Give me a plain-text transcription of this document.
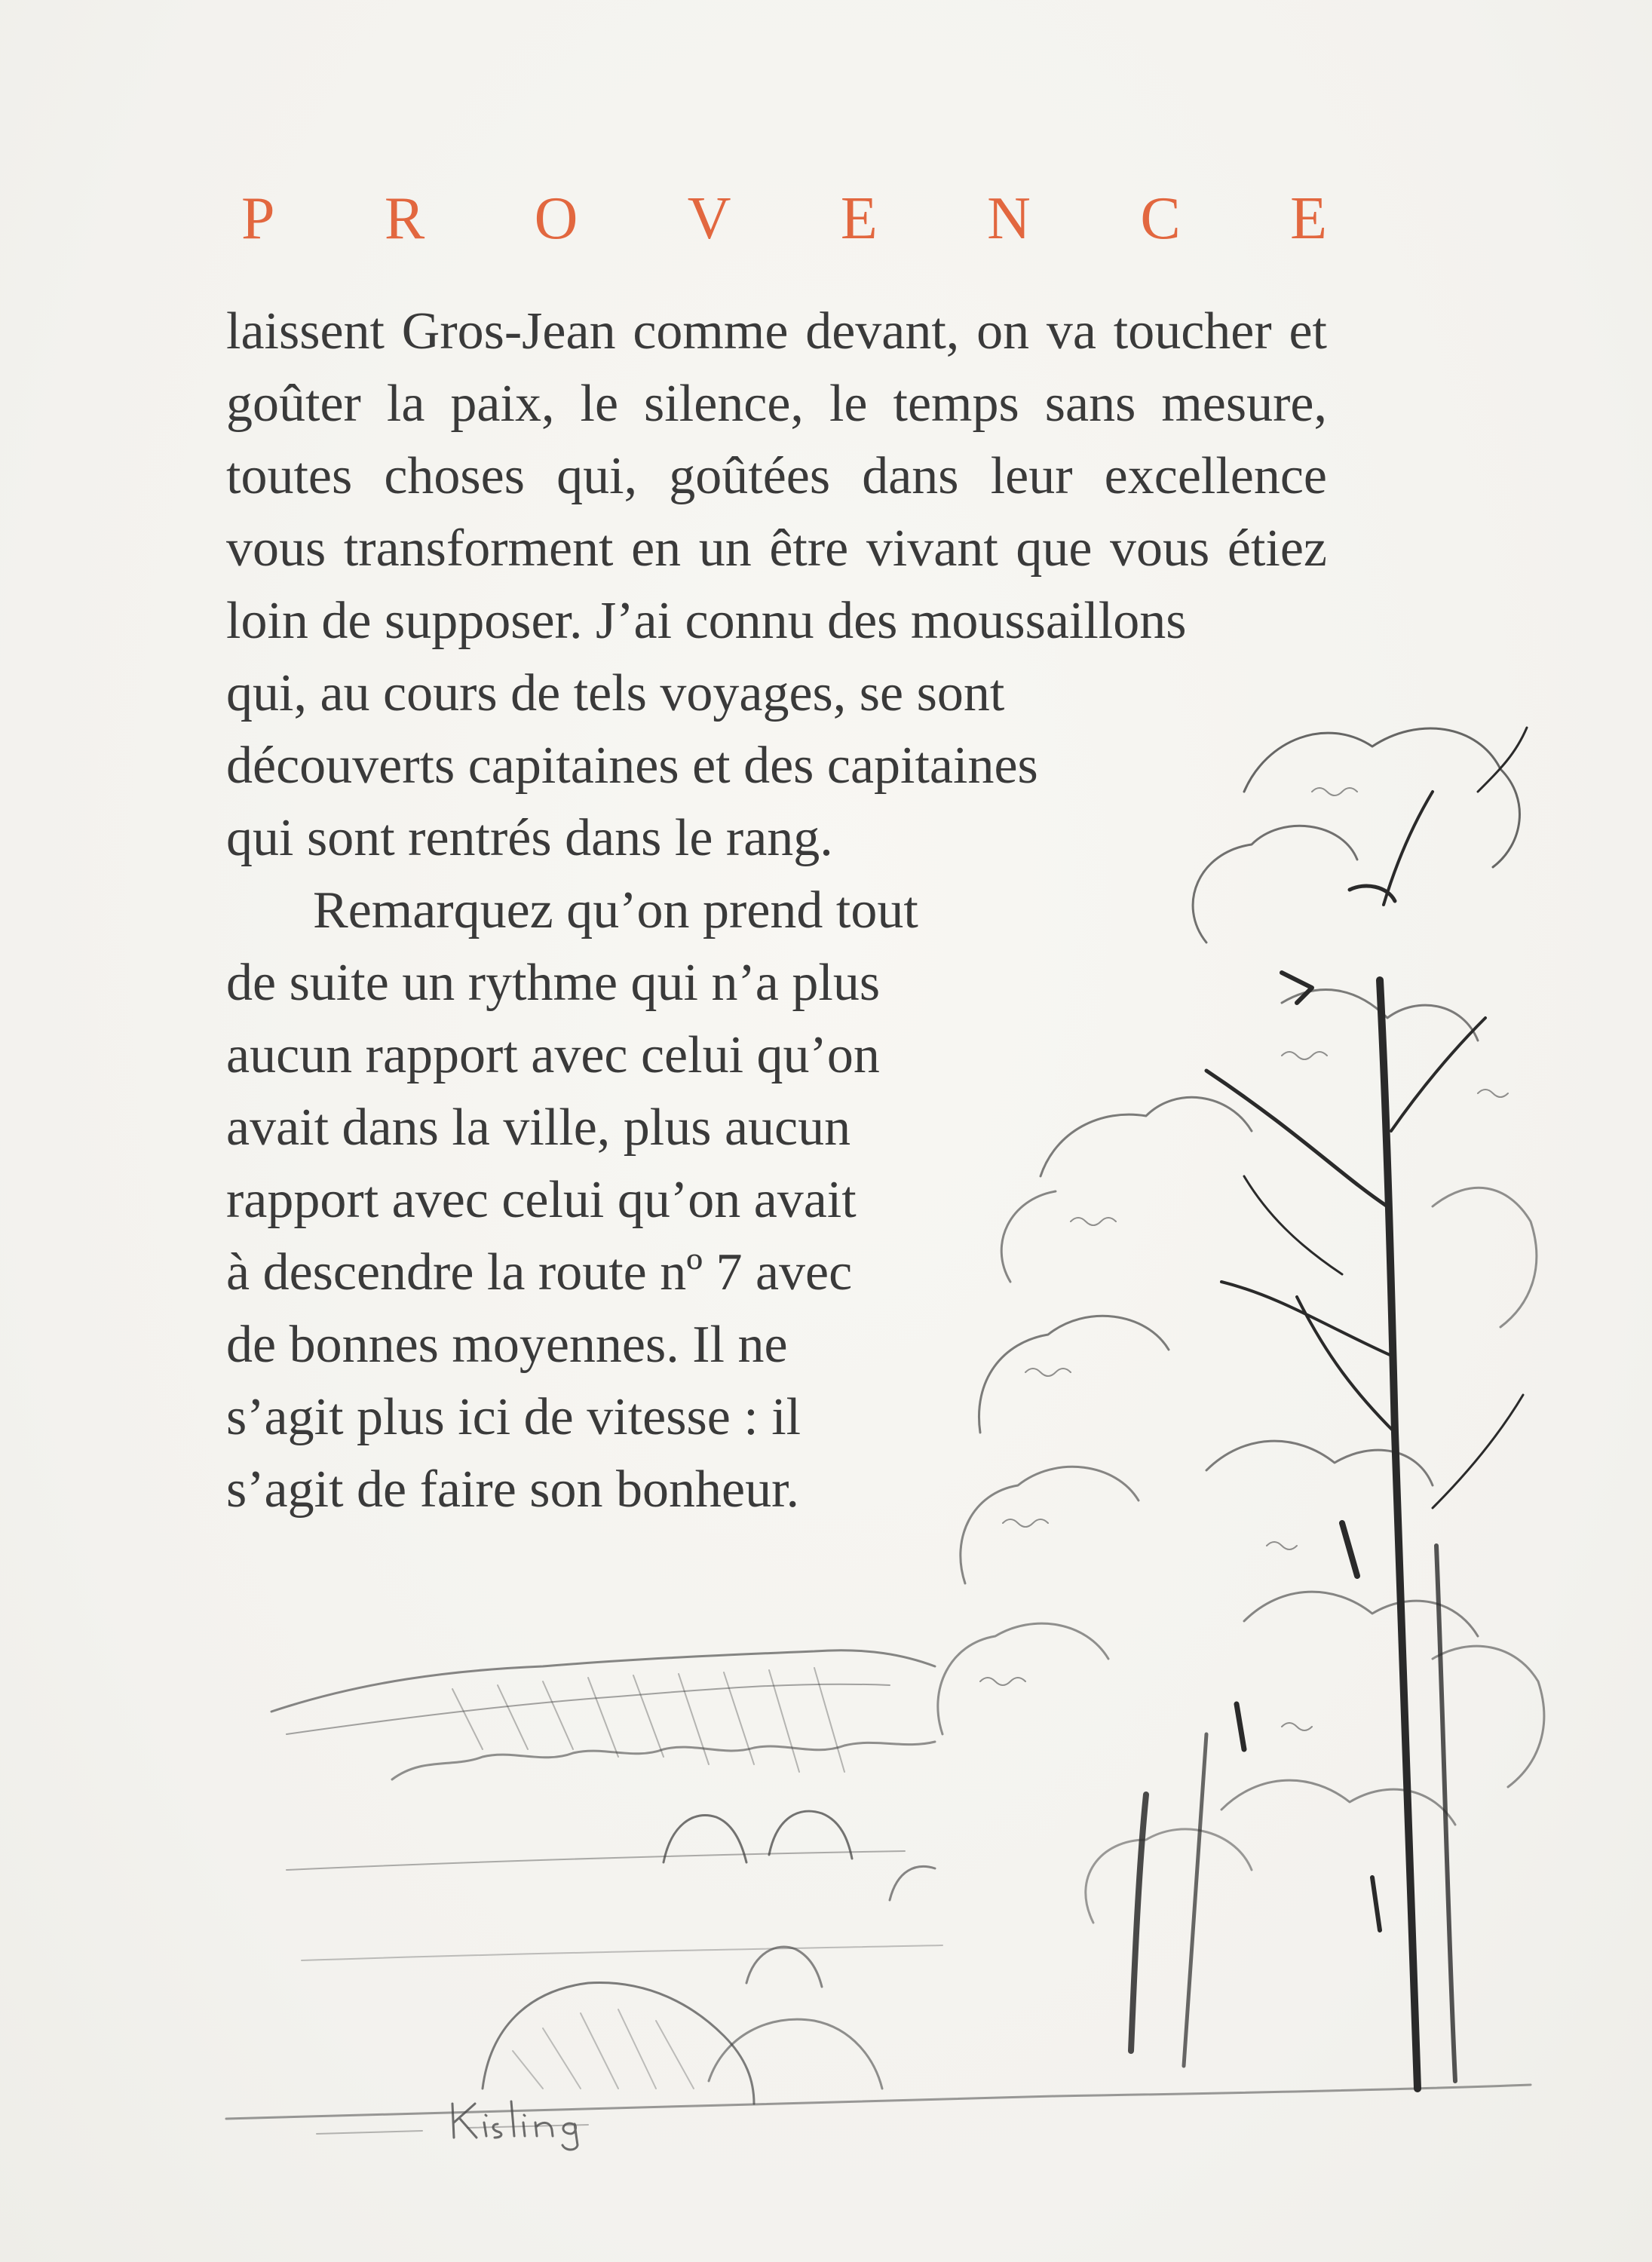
P R O V E N C E
laissent Gros-Jean comme devant, on va toucher et
goûter la paix, le silence, le temps sans mesure,
toutes choses qui, goûtées dans leur excellence
vous transforment en un être vivant que vous étiez
loin de supposer. J’ai connu des moussaillons
qui, au cours de tels voyages, se sont
découverts capitaines et des capitaines
qui sont rentrés dans le rang.
Remarquez qu’on prend tout
de suite un rythme qui n’a plus
aucun rapport avec celui qu’on
avait dans la ville, plus aucun
rapport avec celui qu’on avait
à descendre la route nº 7 avec
de bonnes moyennes. Il ne
s’agit plus ici de vitesse : il
s’agit de faire son bonheur.
